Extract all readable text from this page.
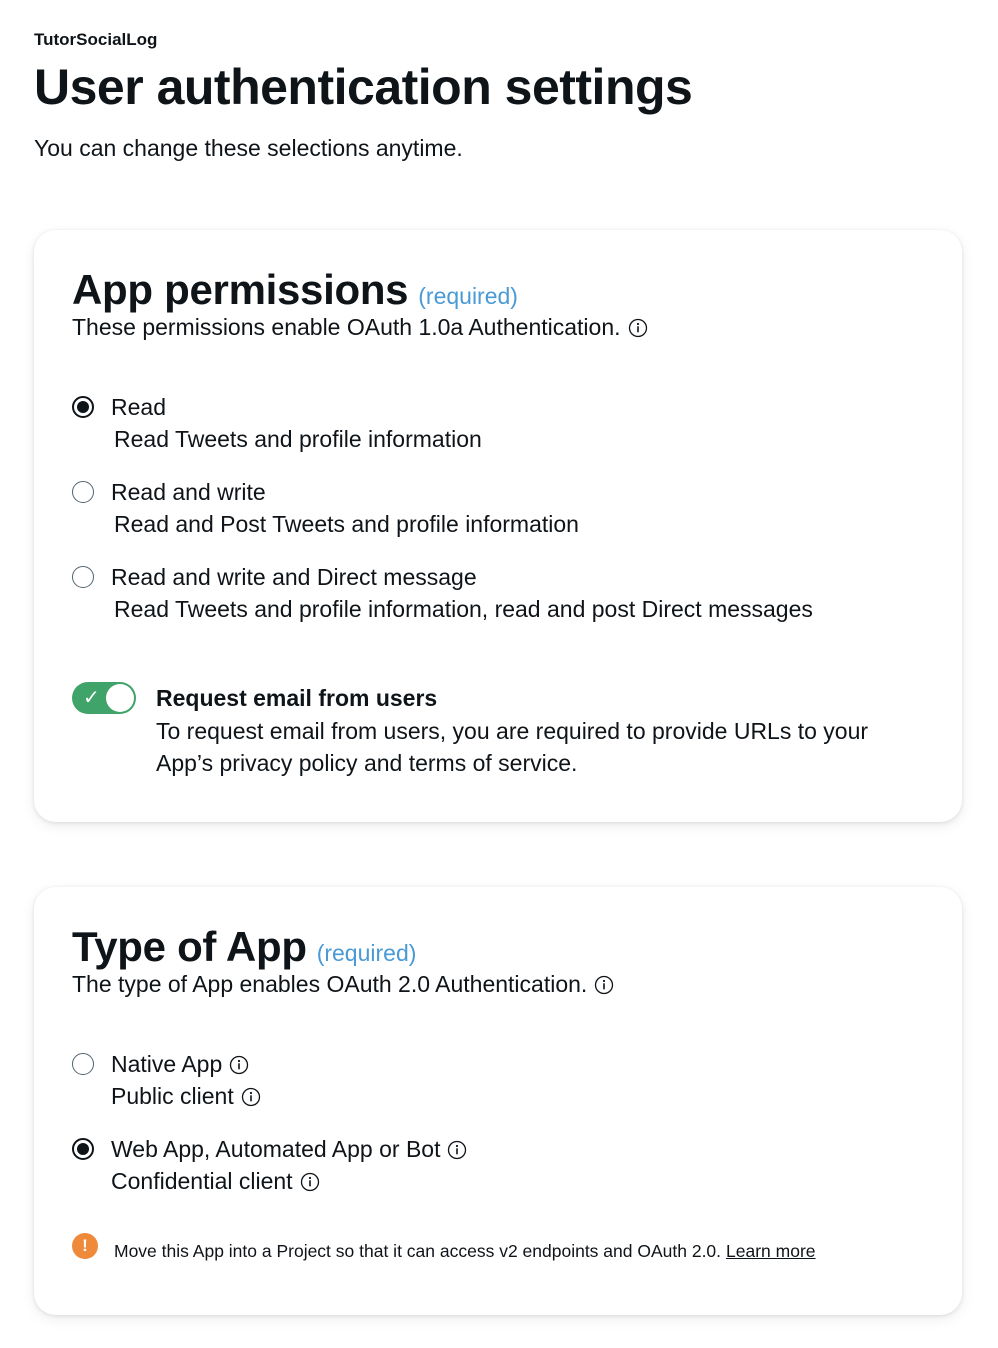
TutorSocialLog
User authentication settings

You can change these selections anytime.

App permissions (required)
These permissions enable OAuth 1.0a Authentication.
Read
Read Tweets and profile information
Read and write
Read and Post Tweets and profile information
Read and write and Direct message
Read Tweets and profile information, read and post Direct messages
✓ Request email from users
To request email from users, you are required to provide URLs to your App’s privacy policy and terms of service.
Type of App (required)
The type of App enables OAuth 2.0 Authentication.
Native App
Public client
Web App, Automated App or Bot
Confidential client
!	Move this App into a Project so that it can access v2 endpoints and OAuth 2.0. Learn more
